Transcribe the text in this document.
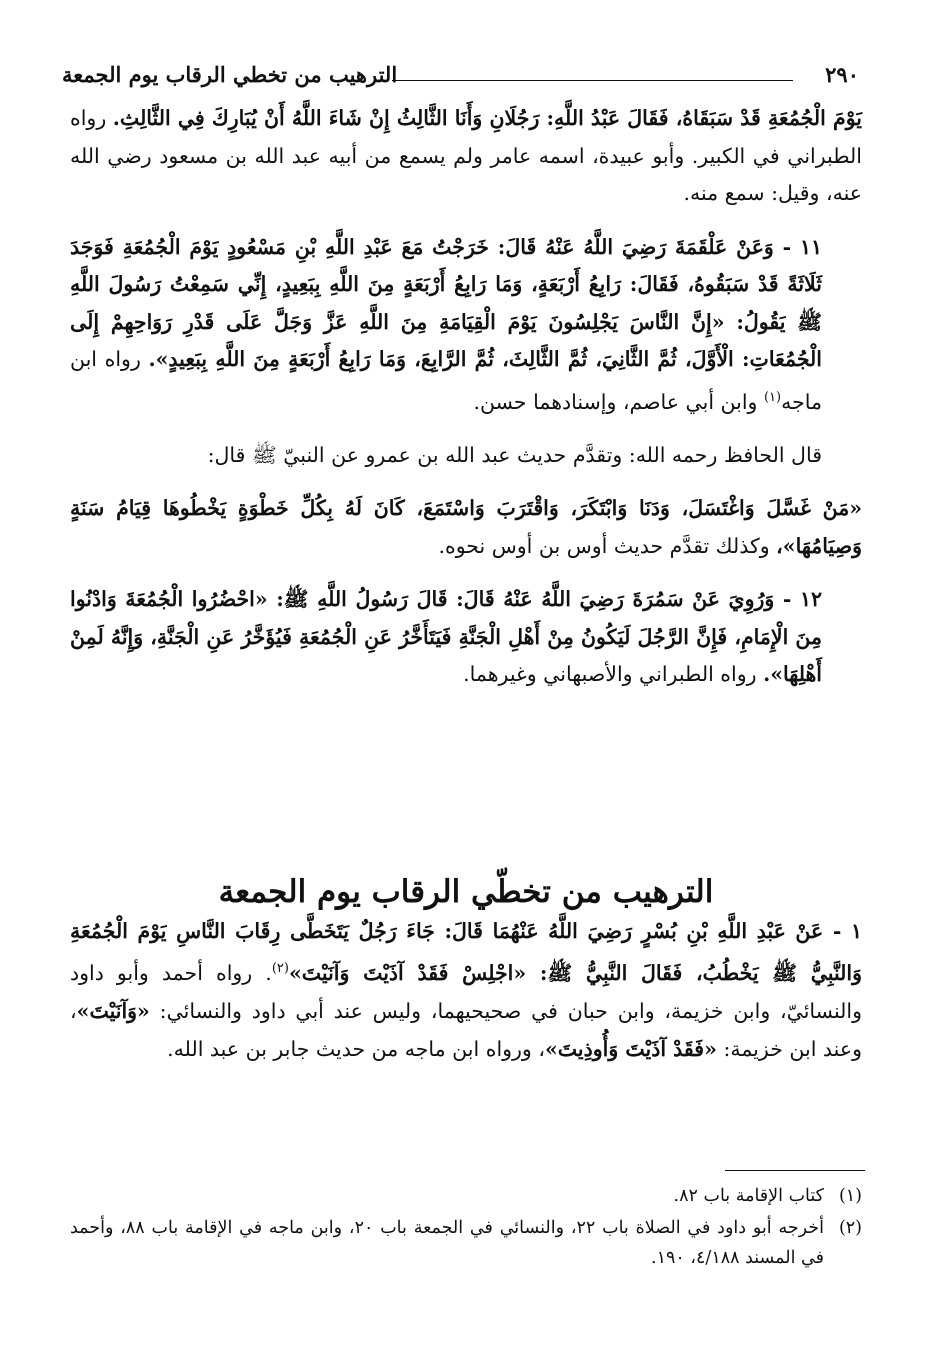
٢٩٠
الترهيب من تخطي الرقاب يوم الجمعة

يَوْمَ الْجُمُعَةِ قَدْ سَبَقَاهُ، فَقَالَ عَبْدُ اللَّهِ: رَجُلَانِ وَأَنَا الثَّالِثُ إِنْ شَاءَ اللَّهُ أَنْ يُبَارِكَ فِي الثَّالِثِ. رواه الطبراني في الكبير. وأبو عبيدة، اسمه عامر ولم يسمع من أبيه عبد الله بن مسعود رضي الله عنه، وقيل: سمع منه.

١١ - وَعَنْ عَلْقَمَةَ رَضِيَ اللَّهُ عَنْهُ قَالَ: خَرَجْتُ مَعَ عَبْدِ اللَّهِ بْنِ مَسْعُودٍ يَوْمَ الْجُمُعَةِ فَوَجَدَ ثَلَاثَةً قَدْ سَبَقُوهُ، فَقَالَ: رَابِعُ أَرْبَعَةٍ، وَمَا رَابِعُ أَرْبَعَةٍ مِنَ اللَّهِ بِبَعِيدٍ، إِنِّي سَمِعْتُ رَسُولَ اللَّهِ ﷺ يَقُولُ: «إِنَّ النَّاسَ يَجْلِسُونَ يَوْمَ الْقِيَامَةِ مِنَ اللَّهِ عَزَّ وَجَلَّ عَلَى قَدْرِ رَوَاحِهِمْ إِلَى الْجُمُعَاتِ: الْأَوَّلَ، ثُمَّ الثَّانِيَ، ثُمَّ الثَّالِثَ، ثُمَّ الرَّابِعَ، وَمَا رَابِعُ أَرْبَعَةٍ مِنَ اللَّهِ بِبَعِيدٍ». رواه ابن ماجه$^{(١)}$ وابن أبي عاصم، وإسنادهما حسن.

قال الحافظ رحمه الله: وتقدَّم حديث عبد الله بن عمرو عن النبيّ ﷺ قال:

«مَنْ غَسَّلَ وَاغْتَسَلَ، وَدَنَا وَابْتَكَرَ، وَاقْتَرَبَ وَاسْتَمَعَ، كَانَ لَهُ بِكُلِّ خَطْوَةٍ يَخْطُوهَا قِيَامُ سَنَةٍ وَصِيَامُهَا»، وكذلك تقدَّم حديث أوس بن أوس نحوه.

١٢ - وَرُوِيَ عَنْ سَمُرَةَ رَضِيَ اللَّهُ عَنْهُ قَالَ: قَالَ رَسُولُ اللَّهِ ﷺ: «احْضُرُوا الْجُمُعَةَ وَادْنُوا مِنَ الْإِمَامِ، فَإِنَّ الرَّجُلَ لَيَكُونُ مِنْ أَهْلِ الْجَنَّةِ فَيَتَأَخَّرُ عَنِ الْجُمُعَةِ فَيُؤَخَّرُ عَنِ الْجَنَّةِ، وَإِنَّهُ لَمِنْ أَهْلِهَا». رواه الطبراني والأصبهاني وغيرهما.

الترهيب من تخطّي الرقاب يوم الجمعة
١ - عَنْ عَبْدِ اللَّهِ بْنِ بُسْرٍ رَضِيَ اللَّهُ عَنْهُمَا قَالَ: جَاءَ رَجُلٌ يَتَخَطَّى رِقَابَ النَّاسِ يَوْمَ الْجُمُعَةِ وَالنَّبِيُّ ﷺ يَخْطُبُ، فَقَالَ النَّبِيُّ ﷺ: «اجْلِسْ فَقَدْ آذَيْتَ وَآنَيْتَ»$^{(٢)}$. رواه أحمد وأبو داود والنسائيّ، وابن خزيمة، وابن حبان في صحيحيهما، وليس عند أبي داود والنسائي: «وَآنَيْتَ»، وعند ابن خزيمة: «فَقَدْ آذَيْتَ وَأُوذِيتَ»، ورواه ابن ماجه من حديث جابر بن عبد الله.
(١)
كتاب الإقامة باب ٨٢.
(٢)
أخرجه أبو داود في الصلاة باب ٢٢، والنسائي في الجمعة باب ٢٠، وابن ماجه في الإقامة باب ٨٨، وأحمد في المسند ٤/١٨٨، ١٩٠.
